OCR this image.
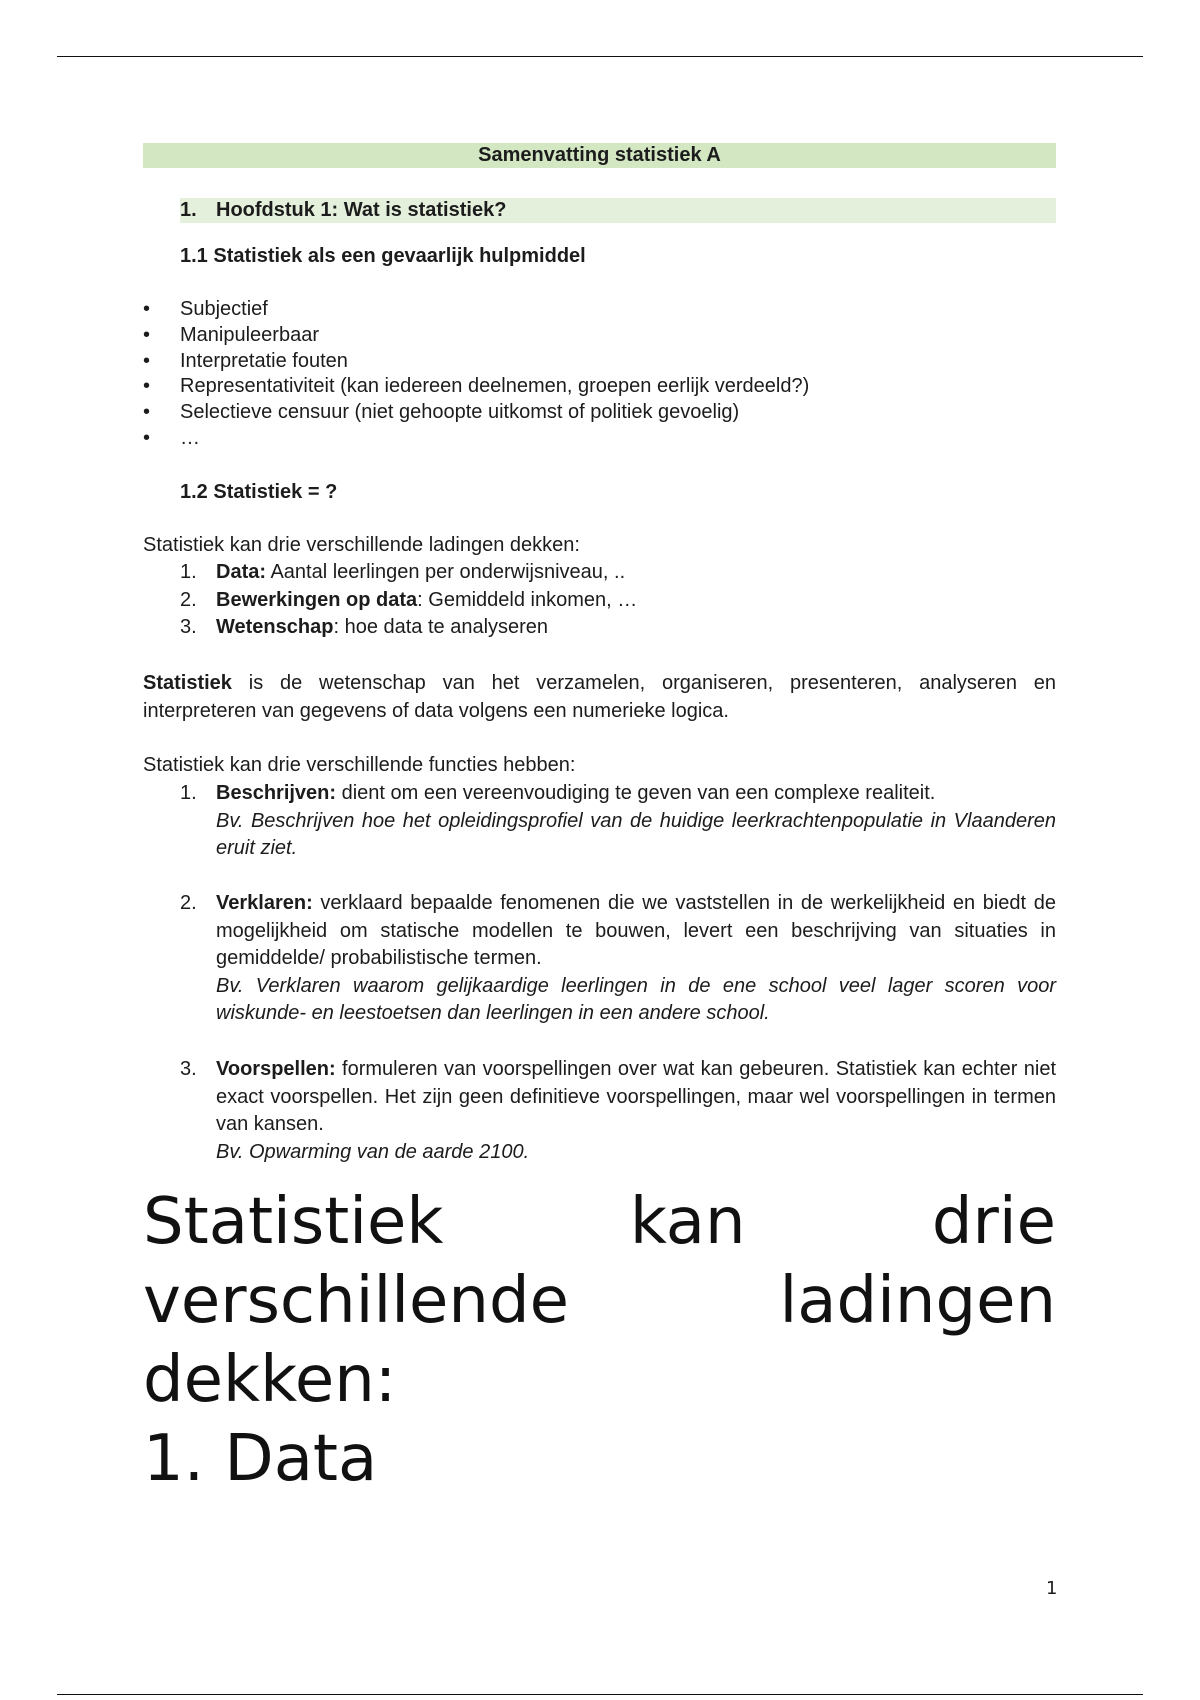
Samenvatting statistiek A
1. Hoofdstuk 1: Wat is statistiek?
1.1 Statistiek als een gevaarlijk hulpmiddel
• Subjectief
• Manipuleerbaar
• Interpretatie fouten
• Representativiteit (kan iedereen deelnemen, groepen eerlijk verdeeld?)
• Selectieve censuur (niet gehoopte uitkomst of politiek gevoelig)
• …
1.2 Statistiek = ?
Statistiek kan drie verschillende ladingen dekken:
1. Data: Aantal leerlingen per onderwijsniveau, ..
2. Bewerkingen op data: Gemiddeld inkomen, …
3. Wetenschap: hoe data te analyseren

Statistiek is de wetenschap van het verzamelen, organiseren, presenteren, analyseren en interpreteren van gegevens of data volgens een numerieke logica.

Statistiek kan drie verschillende functies hebben:
1. Beschrijven: dient om een vereenvoudiging te geven van een complexe realiteit.
Bv. Beschrijven hoe het opleidingsprofiel van de huidige leerkrachtenpopulatie in Vlaanderen eruit ziet.
2. Verklaren: verklaard bepaalde fenomenen die we vaststellen in de werkelijkheid en biedt de mogelijkheid om statische modellen te bouwen, levert een beschrijving van situaties in gemiddelde/ probabilistische termen.
Bv. Verklaren waarom gelijkaardige leerlingen in de ene school veel lager scoren voor wiskunde- en leestoetsen dan leerlingen in een andere school.
3. Voorspellen: formuleren van voorspellingen over wat kan gebeuren. Statistiek kan echter niet exact voorspellen. Het zijn geen definitieve voorspellingen, maar wel voorspellingen in termen van kansen.
Bv. Opwarming van de aarde 2100.
Statistiek kan drie verschillende ladingen dekken:
1. Data
1
